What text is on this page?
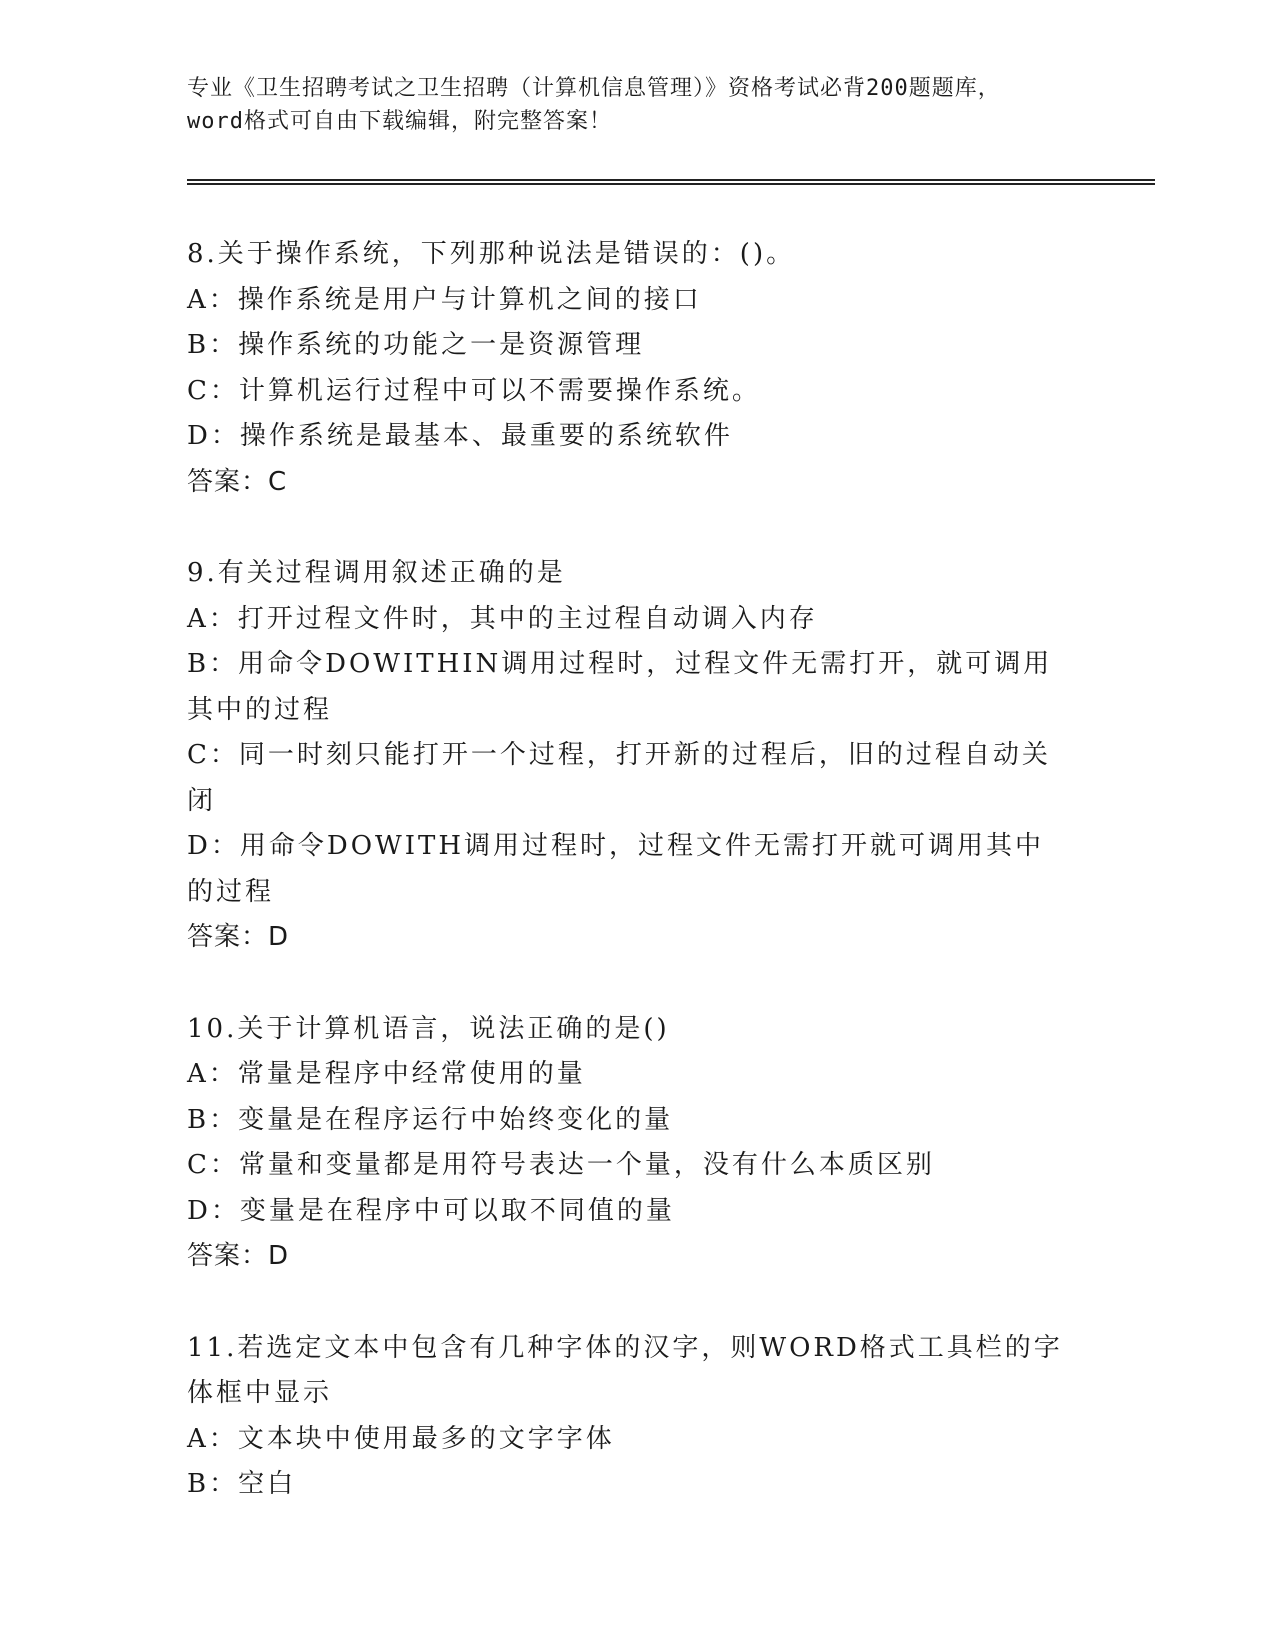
专业《卫生招聘考试之卫生招聘（计算机信息管理）》资格考试必背200题题库，
word格式可自由下载编辑，附完整答案！
8.关于操作系统，下列那种说法是错误的：()。
A：操作系统是用户与计算机之间的接口
B：操作系统的功能之一是资源管理
C：计算机运行过程中可以不需要操作系统。
D：操作系统是最基本、最重要的系统软件
答案：C
9.有关过程调用叙述正确的是
A：打开过程文件时，其中的主过程自动调入内存
B：用命令DOWITHIN调用过程时，过程文件无需打开，就可调用其中的过程
C：同一时刻只能打开一个过程，打开新的过程后，旧的过程自动关闭
D：用命令DOWITH调用过程时，过程文件无需打开就可调用其中的过程
答案：D
10.关于计算机语言，说法正确的是()
A：常量是程序中经常使用的量
B：变量是在程序运行中始终变化的量
C：常量和变量都是用符号表达一个量，没有什么本质区别
D：变量是在程序中可以取不同值的量
答案：D
11.若选定文本中包含有几种字体的汉字，则WORD格式工具栏的字体框中显示
A：文本块中使用最多的文字字体
B：空白
